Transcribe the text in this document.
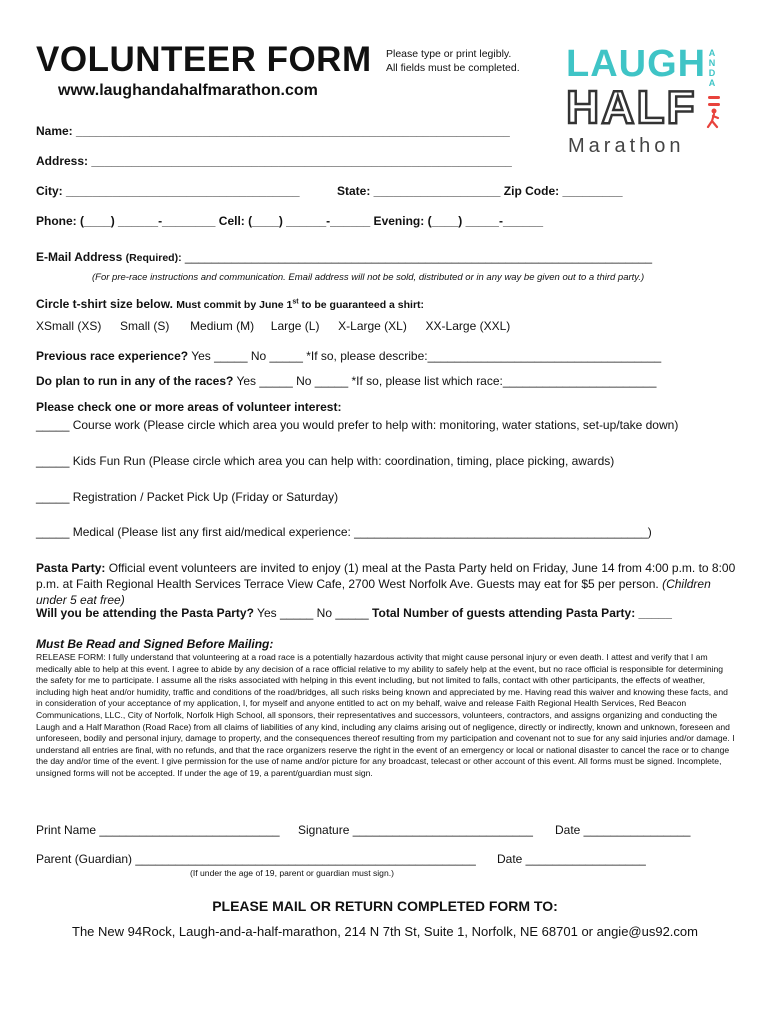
VOLUNTEER FORM Please type or print legibly.
All fields must be completed.
www.laughandahalfmarathon.com
LAUGH ANDA
HALF
Marathon
Name: _________________________________________________________________
Address: _______________________________________________________________
City: ___________________________________	State: ___________________ Zip Code: _________
Phone: (____) ______-________ Cell: (____) ______-______ Evening: (____) _____-______
E-Mail Address (Required): ______________________________________________________________________
(For pre-race instructions and communication. Email address will not be sold, distributed or in any way be given out to a third party.)
Circle t-shirt size below. Must commit by June 1st to be guaranteed a shirt:
XSmall (XS) Small (S) Medium (M) Large (L) X-Large (XL) XX-Large (XXL)
Previous race experience? Yes _____ No _____ *If so, please describe:___________________________________
Do plan to run in any of the races? Yes _____ No _____ *If so, please list which race:_______________________
Please check one or more areas of volunteer interest:
_____ Course work (Please circle which area you would prefer to help with: monitoring, water stations, set-up/take down)
_____ Kids Fun Run (Please circle which area you can help with: coordination, timing, place picking, awards)
_____ Registration / Packet Pick Up (Friday or Saturday)
_____ Medical (Please list any first aid/medical experience: ____________________________________________)
Pasta Party: Official event volunteers are invited to enjoy (1) meal at the Pasta Party held on Friday, June 14 from 4:00 p.m. to 8:00 p.m. at Faith Regional Health Services Terrace View Cafe, 2700 West Norfolk Ave. Guests may eat for $5 per person. (Children under 5 eat free)
Will you be attending the Pasta Party? Yes _____ No _____ Total Number of guests attending Pasta Party: _____
Must Be Read and Signed Before Mailing:
RELEASE FORM: I fully understand that volunteering at a road race is a potentially hazardous activity that might cause personal injury or even death. I attest and verify that I am medically able to help at this event. I agree to abide by any decision of a race official relative to my ability to safely help at the event, but no race official is responsible for determining the safety for me to participate. I assume all the risks associated with helping in this event including, but not limited to falls, contact with other participants, the effects of weather, including high heat and/or humidity, traffic and conditions of the road/bridges, all such risks being known and appreciated by me. Having read this waiver and knowing these facts, and in consideration of your acceptance of my application, I, for myself and anyone entitled to act on my behalf, waive and release Faith Regional Health Services, Red Beacon Communications, LLC., City of Norfolk, Norfolk High School, all sponsors, their representatives and successors, volunteers, contractors, and assigns organizing and conducting the Laugh and a Half Marathon (Road Race) from all claims of liabilities of any kind, including any claims arising out of negligence, directly or indirectly, known and unknown, foreseen and unforeseen, bodily and personal injury, damage to property, and the consequences thereof resulting from my participation and covenant not to sue for any said injuries and/or damage. I understand all entries are final, with no refunds, and that the race organizers reserve the right in the event of an emergency or local or national disaster to cancel the race or to change the day and/or time of the event. I give permission for the use of name and/or picture for any broadcast, telecast or other account of this event. All forms must be signed. Incomplete, unsigned forms will not be accepted. If under the age of 19, a parent/guardian must sign.
Print Name ___________________________ Signature ___________________________ Date ________________
Parent (Guardian) ___________________________________________________ Date __________________
(If under the age of 19, parent or guardian must sign.)
PLEASE MAIL OR RETURN COMPLETED FORM TO:
The New 94Rock, Laugh-and-a-half-marathon, 214 N 7th St, Suite 1, Norfolk, NE 68701 or angie@us92.com
